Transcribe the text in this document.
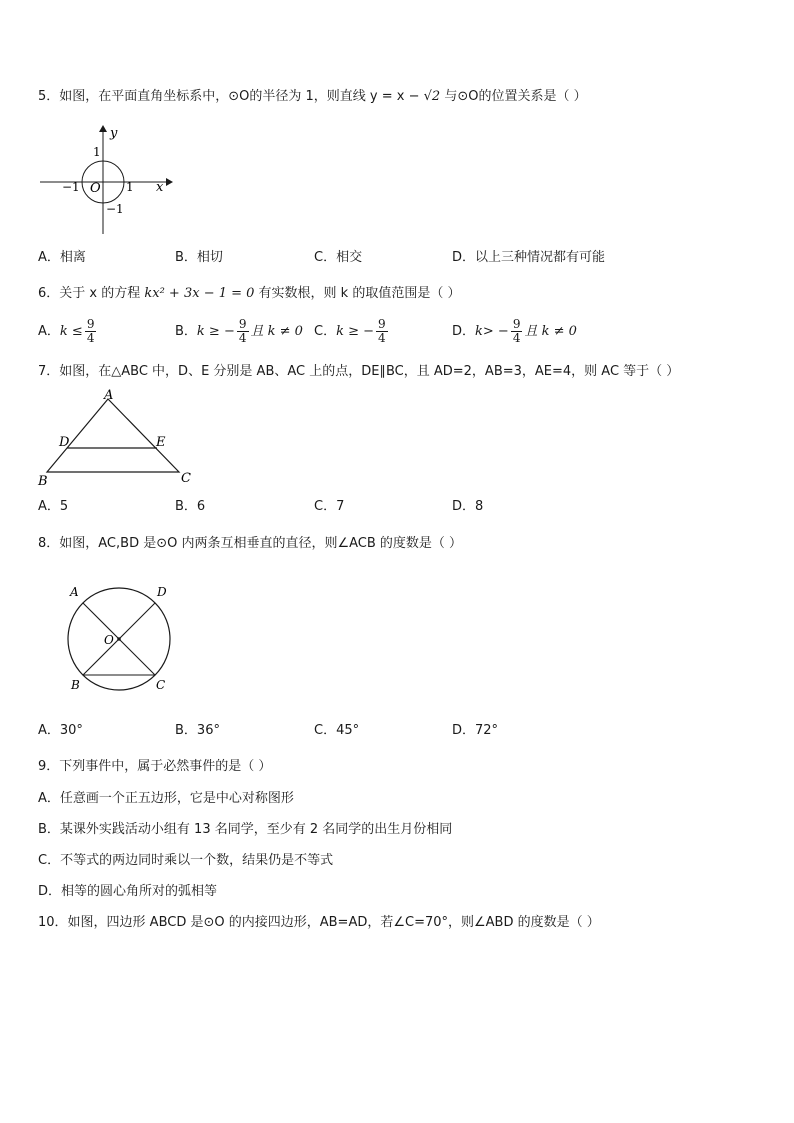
5．如图，在平面直角坐标系中，⊙O的半径为 1，则直线 y = x − √2 与⊙O的位置关系是（ ）
y
x
O
1
−1	1
−1
A．相离	B．相切	C．相交	D．以上三种情况都有可能
6．关于 x 的方程 kx² + 3x − 1 = 0 有实数根，则 k 的取值范围是（ ）
A．$k \le \frac{9}{4}$	B．k ≥ − $\frac{9}{4}$ 且 k ≠ 0 C．k ≥ − $\frac{9}{4}$	D．$k> - \frac{9}{4}$ 且 k ≠ 0
7．如图，在△ABC 中，D、E 分别是 AB、AC 上的点，DE∥BC，且 AD=2，AB=3，AE=4，则 AC 等于（ ）
A
D	E
B	C
A．5	B．6	C．7	D．8
8．如图，AC,BD 是⊙O 内两条互相垂直的直径，则∠ACB 的度数是（ ）
A	D
O
B	C
A．30°	B．36°	C．45°	D．72°
9．下列事件中，属于必然事件的是（ ）
A．任意画一个正五边形，它是中心对称图形
B．某课外实践活动小组有 13 名同学，至少有 2 名同学的出生月份相同
C．不等式的两边同时乘以一个数，结果仍是不等式
D．相等的圆心角所对的弧相等
10．如图，四边形 ABCD 是⊙O 的内接四边形，AB=AD，若∠C=70°，则∠ABD 的度数是（ ）
